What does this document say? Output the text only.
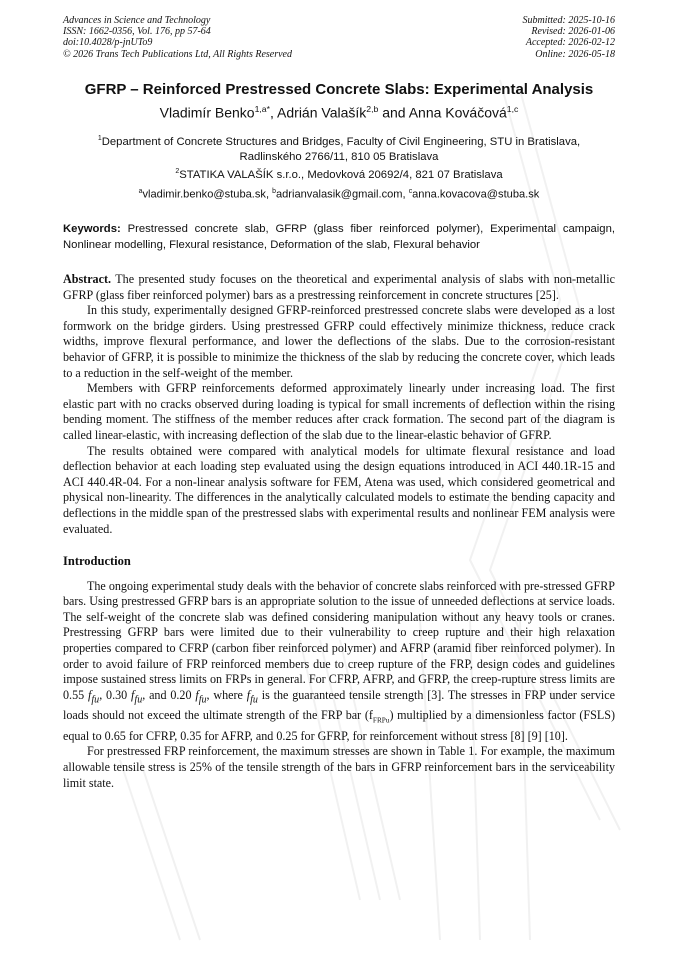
Advances in Science and Technology
ISSN: 1662-0356, Vol. 176, pp 57-64
doi:10.4028/p-jnUTo9
© 2026 Trans Tech Publications Ltd, All Rights Reserved
Submitted: 2025-10-16
Revised: 2026-01-06
Accepted: 2026-02-12
Online: 2026-05-18
GFRP – Reinforced Prestressed Concrete Slabs: Experimental Analysis
Vladimír Benko$^{1,a*}$, Adrián Valašík$^{2,b}$ and Anna Kováčová$^{1,c}$
$^1$Department of Concrete Structures and Bridges, Faculty of Civil Engineering, STU in Bratislava,
Radlinského 2766/11, 810 05 Bratislava
$^2$STATIKA VALAŠÍK s.r.o., Medovková 20692/4, 821 07 Bratislava
$^a$vladimir.benko@stuba.sk, $^b$adrianvalasik@gmail.com, $^c$anna.kovacova@stuba.sk
Keywords: Prestressed concrete slab, GFRP (glass fiber reinforced polymer), Experimental campaign, Nonlinear modelling, Flexural resistance, Deformation of the slab, Flexural behavior

Abstract. The presented study focuses on the theoretical and experimental analysis of slabs with non-metallic GFRP (glass fiber reinforced polymer) bars as a prestressing reinforcement in concrete structures [25].

In this study, experimentally designed GFRP-reinforced prestressed concrete slabs were developed as a lost formwork on the bridge girders. Using prestressed GFRP could effectively minimize thickness, reduce crack widths, improve flexural performance, and lower the deflections of the slabs. Due to the corrosion-resistant behavior of GFRP, it is possible to minimize the thickness of the slab by reducing the concrete cover, which leads to a reduction in the self-weight of the member.

Members with GFRP reinforcements deformed approximately linearly under increasing load. The first elastic part with no cracks observed during loading is typical for small increments of deflection within the rising bending moment. The stiffness of the member reduces after crack formation. The second part of the diagram is called linear-elastic, with increasing deflection of the slab due to the linear-elastic behavior of GFRP.

The results obtained were compared with analytical models for ultimate flexural resistance and load deflection behavior at each loading step evaluated using the design equations introduced in ACI 440.1R-15 and ACI 440.4R-04. For a non-linear analysis software for FEM, Atena was used, which considered geometrical and physical non-linearity. The differences in the analytically calculated models to estimate the bending capacity and deflections in the middle span of the prestressed slabs with experimental results and nonlinear FEM analysis were evaluated.

Introduction

The ongoing experimental study deals with the behavior of concrete slabs reinforced with pre-stressed GFRP bars. Using prestressed GFRP bars is an appropriate solution to the issue of unneeded deflections at service loads. The self-weight of the concrete slab was defined considering manipulation without any heavy tools or cranes. Prestressing GFRP bars were limited due to their vulnerability to creep rupture and their high relaxation properties compared to CFRP (carbon fiber reinforced polymer) and AFRP (aramid fiber reinforced polymer). In order to avoid failure of FRP reinforced members due to creep rupture of the FRP, design codes and guidelines impose sustained stress limits on FRPs in general. For CFRP, AFRP, and GFRP, the creep-rupture stress limits are 0.55 $f_{fu}$, 0.30 $f_{fu}$, and 0.20 $f_{fu}$, where $f_{fu}$ is the guaranteed tensile strength [3]. The stresses in FRP under service loads should not exceed the ultimate strength of the FRP bar $(f_{FRPu})$ multiplied by a dimensionless factor (FSLS) equal to 0.65 for CFRP, 0.35 for AFRP, and 0.25 for GFRP, for reinforcement without stress [8] [9] [10].

For prestressed FRP reinforcement, the maximum stresses are shown in Table 1. For example, the maximum allowable tensile stress is 25% of the tensile strength of the bars in GFRP reinforcement bars in the serviceability limit state.
